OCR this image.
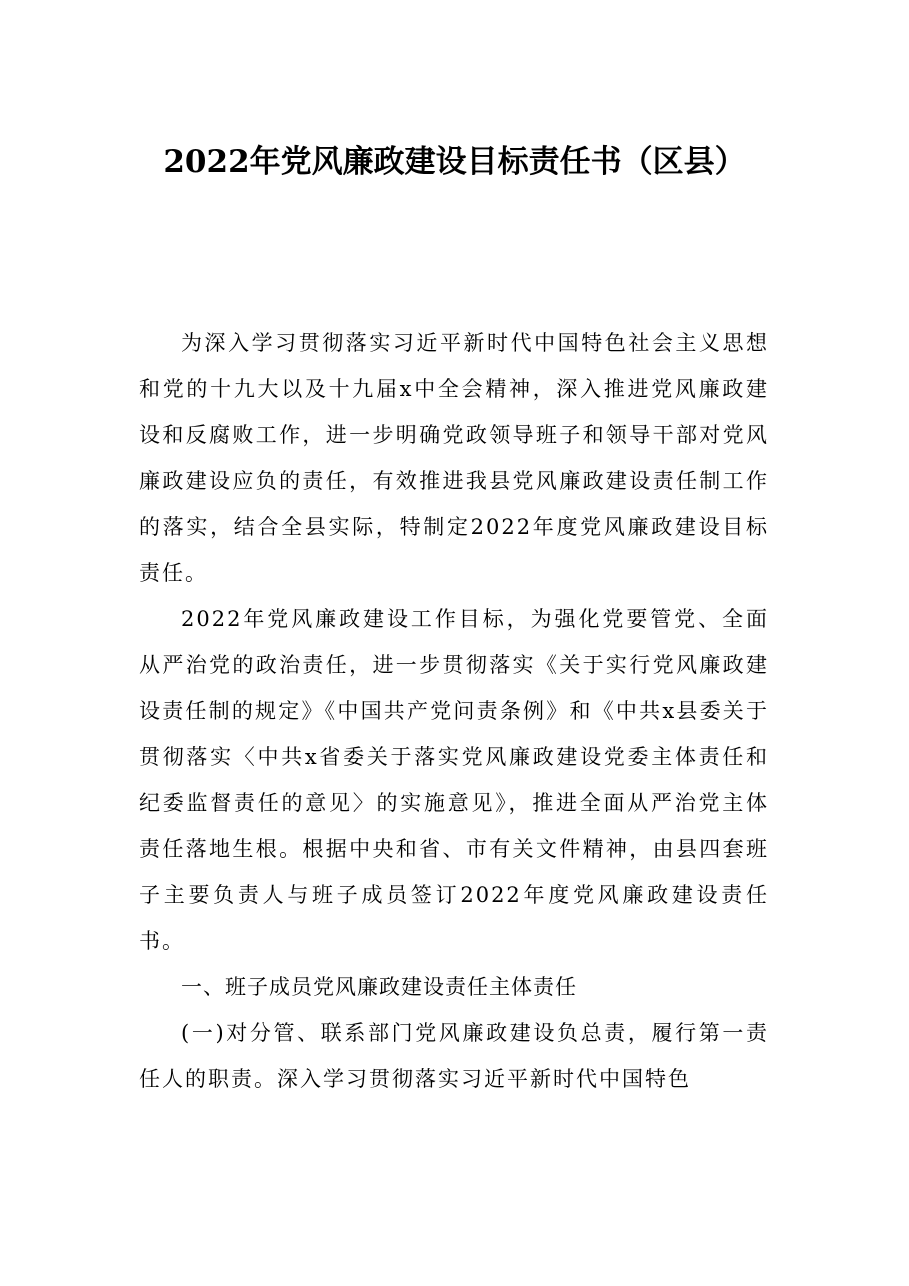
2022年党风廉政建设目标责任书（区县）

为深入学习贯彻落实习近平新时代中国特色社会主义思想和党的十九大以及十九届x中全会精神，深入推进党风廉政建设和反腐败工作，进一步明确党政领导班子和领导干部对党风廉政建设应负的责任，有效推进我县党风廉政建设责任制工作的落实，结合全县实际，特制定2022年度党风廉政建设目标责任。

2022年党风廉政建设工作目标，为强化党要管党、全面从严治党的政治责任，进一步贯彻落实《关于实行党风廉政建设责任制的规定》《中国共产党问责条例》和《中共x县委关于贯彻落实〈中共x省委关于落实党风廉政建设党委主体责任和纪委监督责任的意见〉的实施意见》，推进全面从严治党主体责任落地生根。根据中央和省、市有关文件精神，由县四套班子主要负责人与班子成员签订2022年度党风廉政建设责任书。

一、班子成员党风廉政建设责任主体责任

(一)对分管、联系部门党风廉政建设负总责，履行第一责任人的职责。深入学习贯彻落实习近平新时代中国特色
